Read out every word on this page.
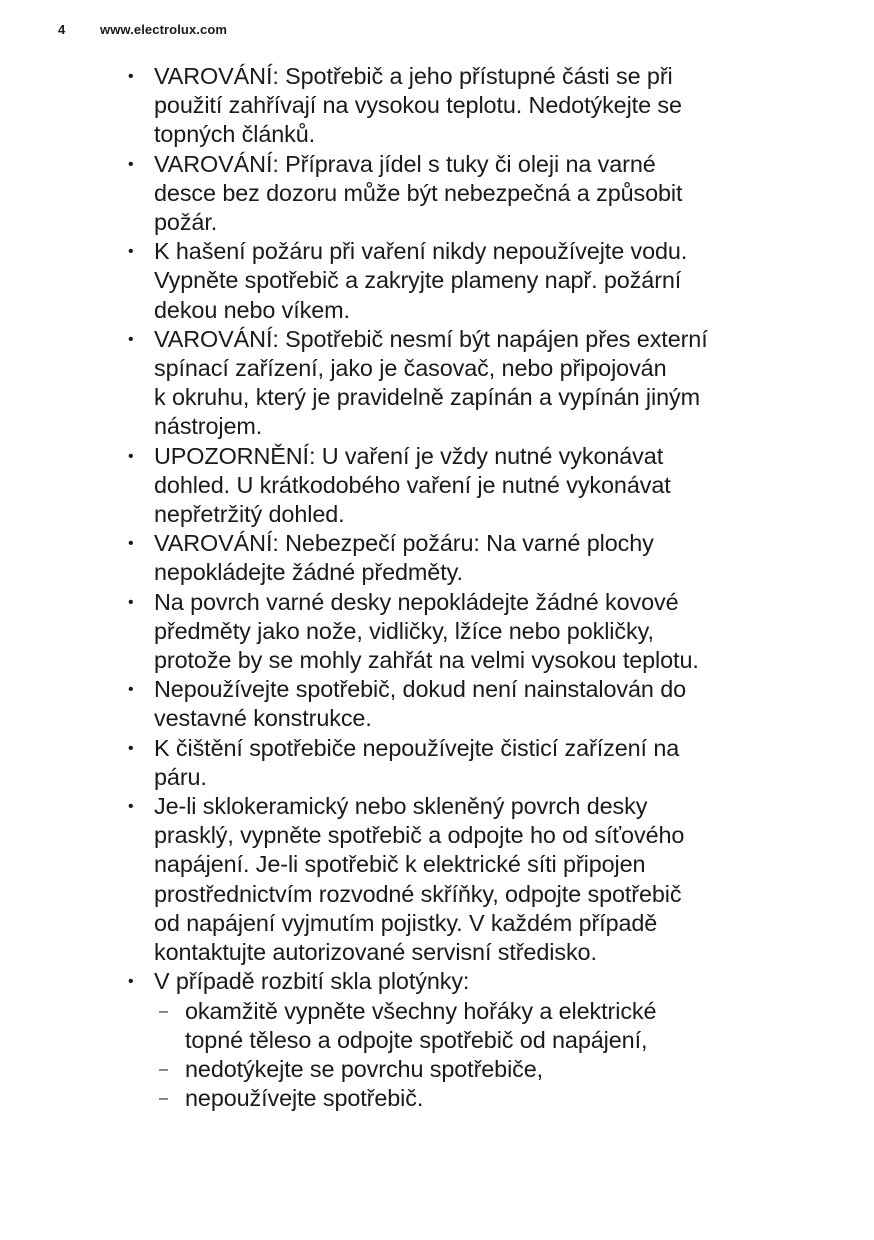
4	www.electrolux.com
• VAROVÁNÍ: Spotřebič a jeho přístupné části se při
použití zahřívají na vysokou teplotu. Nedotýkejte se
topných článků.
• VAROVÁNÍ: Příprava jídel s tuky či oleji na varné
desce bez dozoru může být nebezpečná a způsobit
požár.
• K hašení požáru při vaření nikdy nepoužívejte vodu.
Vypněte spotřebič a zakryjte plameny např. požární
dekou nebo víkem.
• VAROVÁNÍ: Spotřebič nesmí být napájen přes externí
spínací zařízení, jako je časovač, nebo připojován
k okruhu, který je pravidelně zapínán a vypínán jiným
nástrojem.
• UPOZORNĚNÍ: U vaření je vždy nutné vykonávat
dohled. U krátkodobého vaření je nutné vykonávat
nepřetržitý dohled.
• VAROVÁNÍ: Nebezpečí požáru: Na varné plochy
nepokládejte žádné předměty.
• Na povrch varné desky nepokládejte žádné kovové
předměty jako nože, vidličky, lžíce nebo pokličky,
protože by se mohly zahřát na velmi vysokou teplotu.
• Nepoužívejte spotřebič, dokud není nainstalován do
vestavné konstrukce.
• K čištění spotřebiče nepoužívejte čisticí zařízení na
páru.
• Je-li sklokeramický nebo skleněný povrch desky
prasklý, vypněte spotřebič a odpojte ho od síťového
napájení. Je-li spotřebič k elektrické síti připojen
prostřednictvím rozvodné skříňky, odpojte spotřebič
od napájení vyjmutím pojistky. V každém případě
kontaktujte autorizované servisní středisko.
• V případě rozbití skla plotýnky:
– okamžitě vypněte všechny hořáky a elektrické
topné těleso a odpojte spotřebič od napájení,
– nedotýkejte se povrchu spotřebiče,
– nepoužívejte spotřebič.
